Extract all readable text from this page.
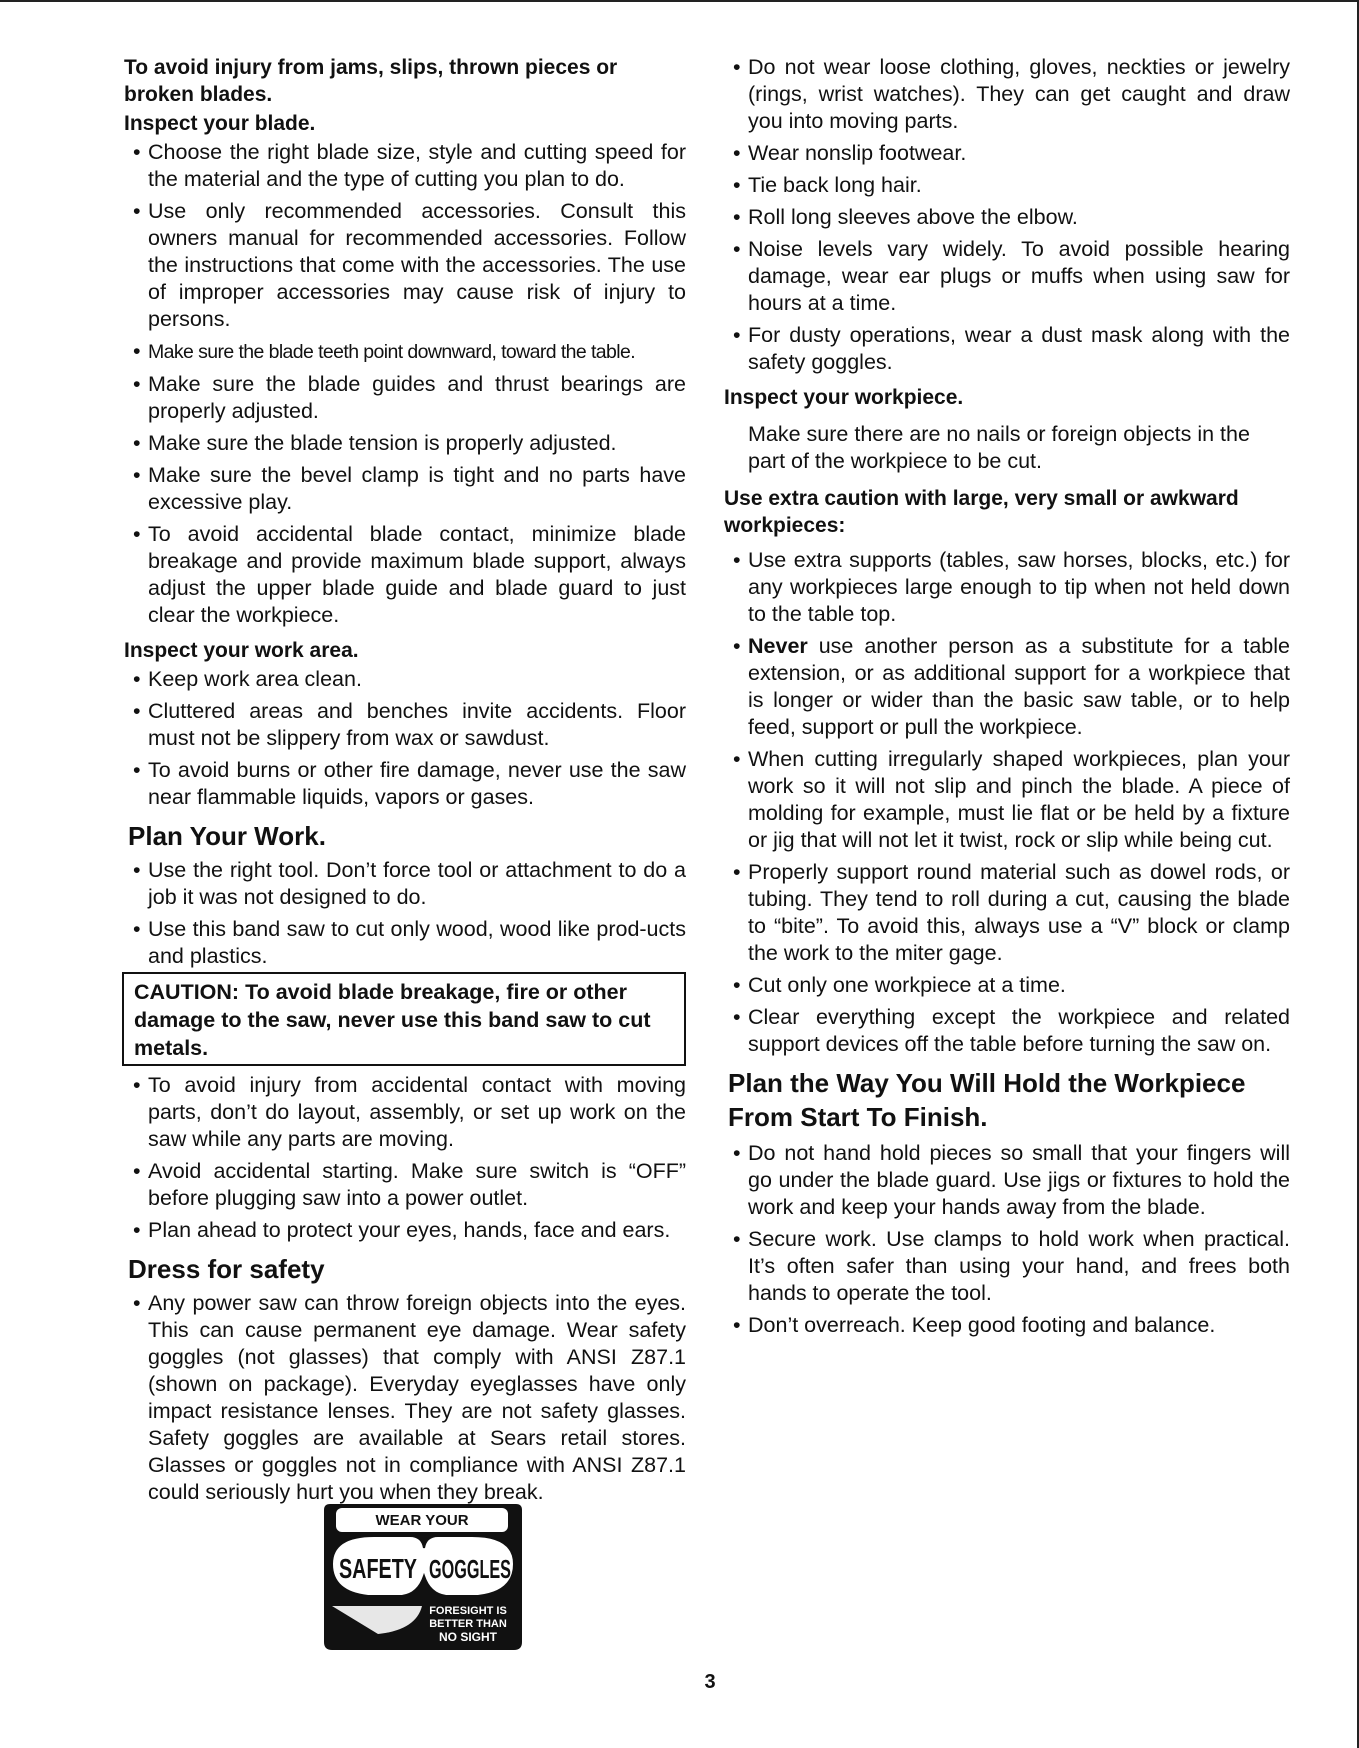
To avoid injury from jams, slips, thrown pieces or broken blades.

Inspect your blade.

• Choose the right blade size, style and cutting speed for the material and the type of cutting you plan to do.
• Use only recommended accessories. Consult this owners manual for recommended accessories. Follow the instructions that come with the accessories. The use of improper accessories may cause risk of injury to persons.
• Make sure the blade teeth point downward, toward the table.
• Make sure the blade guides and thrust bearings are properly adjusted.
• Make sure the blade tension is properly adjusted.
• Make sure the bevel clamp is tight and no parts have excessive play.
• To avoid accidental blade contact, minimize blade breakage and provide maximum blade support, always adjust the upper blade guide and blade guard to just clear the workpiece.

Inspect your work area.

• Keep work area clean.
• Cluttered areas and benches invite accidents. Floor must not be slippery from wax or sawdust.
• To avoid burns or other fire damage, never use the saw near flammable liquids, vapors or gases.

Plan Your Work.

• Use the right tool. Don’t force tool or attachment to do a job it was not designed to do.
• Use this band saw to cut only wood, wood like prod-ucts and plastics.
CAUTION: To avoid blade breakage, fire or other damage to the saw, never use this band saw to cut metals.
• To avoid injury from accidental contact with moving parts, don’t do layout, assembly, or set up work on the saw while any parts are moving.
• Avoid accidental starting. Make sure switch is “OFF” before plugging saw into a power outlet.
• Plan ahead to protect your eyes, hands, face and ears.

Dress for safety

• Any power saw can throw foreign objects into the eyes. This can cause permanent eye damage. Wear safety goggles (not glasses) that comply with ANSI Z87.1 (shown on package). Everyday eyeglasses have only impact resistance lenses. They are not safety glasses. Safety goggles are available at Sears retail stores. Glasses or goggles not in compliance with ANSI Z87.1 could seriously hurt you when they break.
WEAR YOUR
SAFETY GOGGLES
FORESIGHT IS
BETTER THAN
NO SIGHT
• Do not wear loose clothing, gloves, neckties or jewelry (rings, wrist watches). They can get caught and draw you into moving parts.
• Wear nonslip footwear.
• Tie back long hair.
• Roll long sleeves above the elbow.
• Noise levels vary widely. To avoid possible hearing damage, wear ear plugs or muffs when using saw for hours at a time.
• For dusty operations, wear a dust mask along with the safety goggles.

Inspect your workpiece.

Make sure there are no nails or foreign objects in the part of the workpiece to be cut.

Use extra caution with large, very small or awkward workpieces:

• Use extra supports (tables, saw horses, blocks, etc.) for any workpieces large enough to tip when not held down to the table top.
• Never use another person as a substitute for a table extension, or as additional support for a workpiece that is longer or wider than the basic saw table, or to help feed, support or pull the workpiece.
• When cutting irregularly shaped workpieces, plan your work so it will not slip and pinch the blade. A piece of molding for example, must lie flat or be held by a fixture or jig that will not let it twist, rock or slip while being cut.
• Properly support round material such as dowel rods, or tubing. They tend to roll during a cut, causing the blade to “bite”. To avoid this, always use a “V” block or clamp the work to the miter gage.
• Cut only one workpiece at a time.
• Clear everything except the workpiece and related support devices off the table before turning the saw on.

Plan the Way You Will Hold the Workpiece

From Start To Finish.

• Do not hand hold pieces so small that your fingers will go under the blade guard. Use jigs or fixtures to hold the work and keep your hands away from the blade.
• Secure work. Use clamps to hold work when practical. It’s often safer than using your hand, and frees both hands to operate the tool.
• Don’t overreach. Keep good footing and balance.
3
